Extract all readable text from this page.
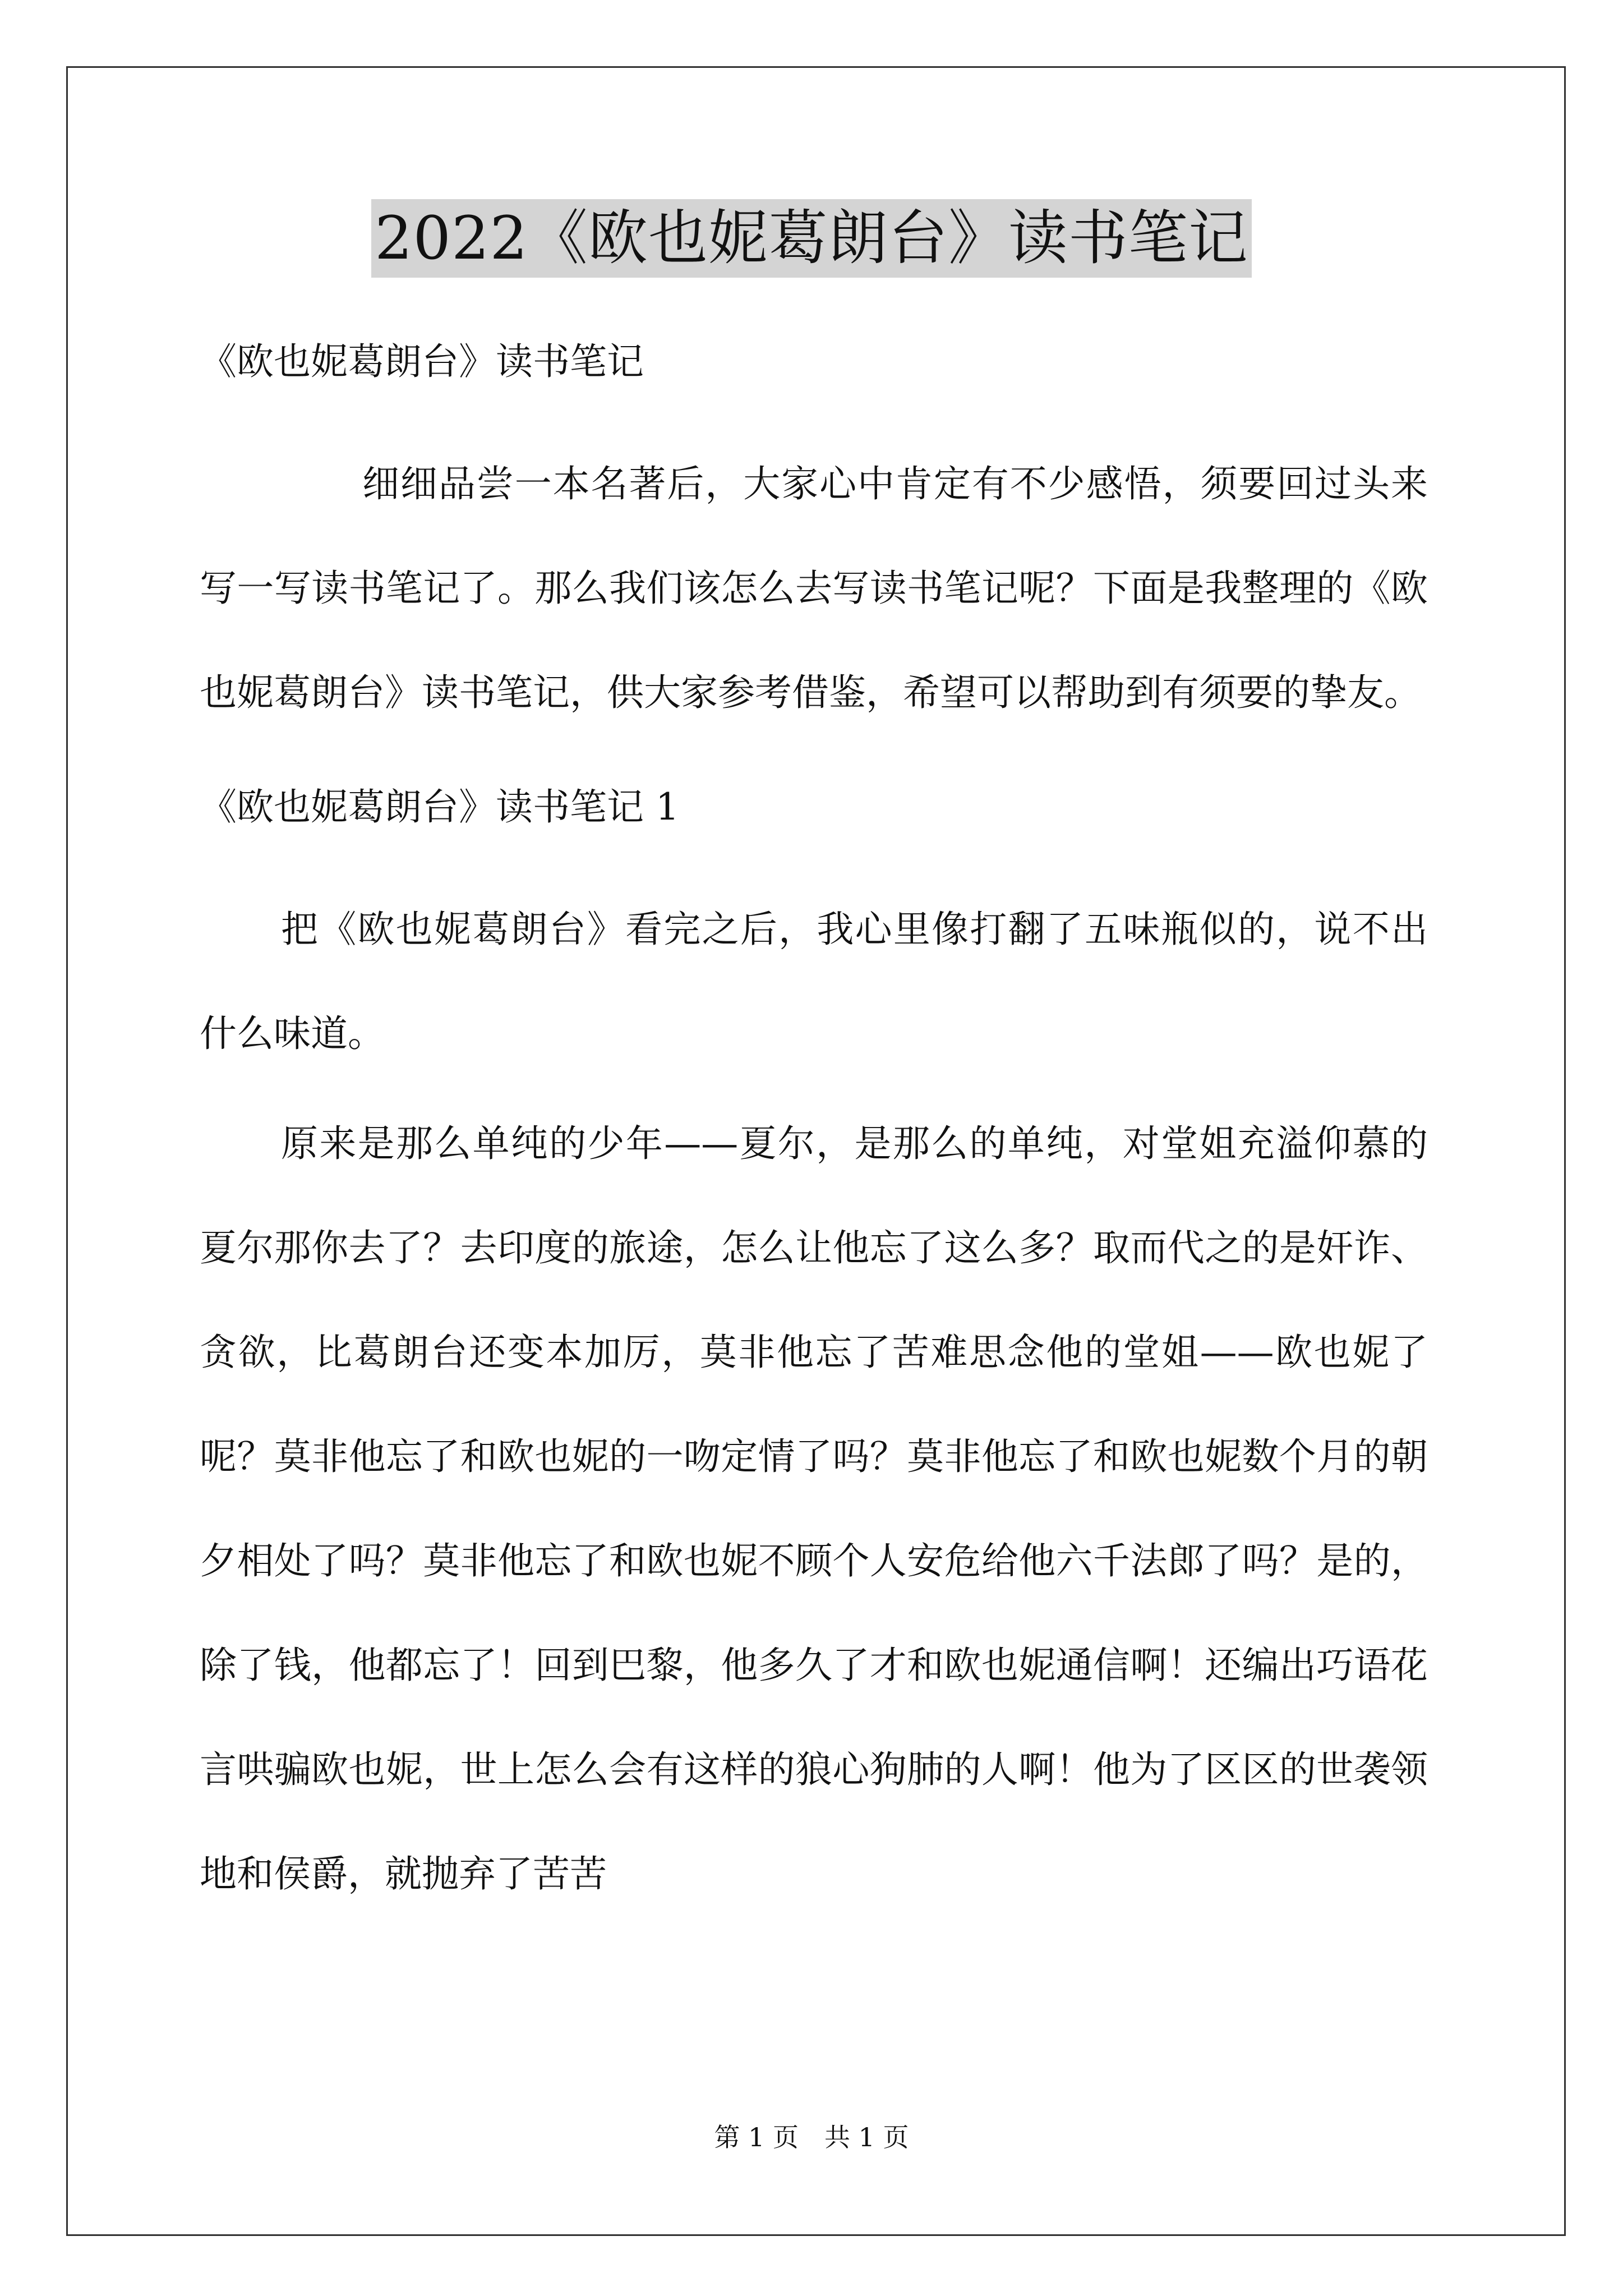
2022《欧也妮葛朗台》读书笔记
《欧也妮葛朗台》读书笔记

细细品尝一本名著后，大家心中肯定有不少感悟，须要回过头来写一写读书笔记了。那么我们该怎么去写读书笔记呢？下面是我整理的《欧也妮葛朗台》读书笔记，供大家参考借鉴，希望可以帮助到有须要的挚友。

《欧也妮葛朗台》读书笔记 1

把《欧也妮葛朗台》看完之后，我心里像打翻了五味瓶似的，说不出什么味道。

原来是那么单纯的少年——夏尔，是那么的单纯，对堂姐充溢仰慕的夏尔那你去了？去印度的旅途，怎么让他忘了这么多？取而代之的是奸诈、贪欲，比葛朗台还变本加厉，莫非他忘了苦难思念他的堂姐——欧也妮了呢？莫非他忘了和欧也妮的一吻定情了吗？莫非他忘了和欧也妮数个月的朝夕相处了吗？莫非他忘了和欧也妮不顾个人安危给他六千法郎了吗？是的，除了钱，他都忘了！回到巴黎，他多久了才和欧也妮通信啊！还编出巧语花言哄骗欧也妮，世上怎么会有这样的狼心狗肺的人啊！他为了区区的世袭领地和侯爵，就抛弃了苦苦

第 1 页　共 1 页
